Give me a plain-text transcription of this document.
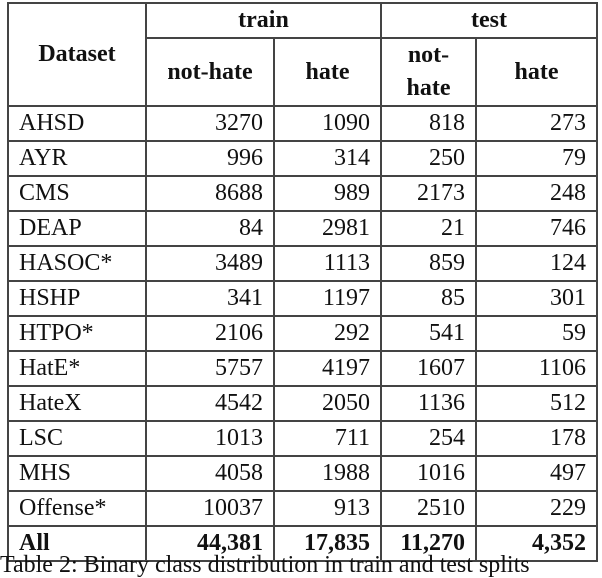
Dataset	train		test	
	not-hate	hate	not-hate	hate
AHSD	3270	1090	818	273
AYR	996	314	250	79
CMS	8688	989	2173	248
DEAP	84	2981	21	746
HASOC*	3489	1113	859	124
HSHP	341	1197	85	301
HTPO*	2106	292	541	59
HatE*	5757	4197	1607	1106
HateX	4542	2050	1136	512
LSC	1013	711	254	178
MHS	4058	1988	1016	497
Offense*	10037	913	2510	229
All	44,381	17,835	11,270	4,352
Table 2: Binary class distribution in train and test splits
